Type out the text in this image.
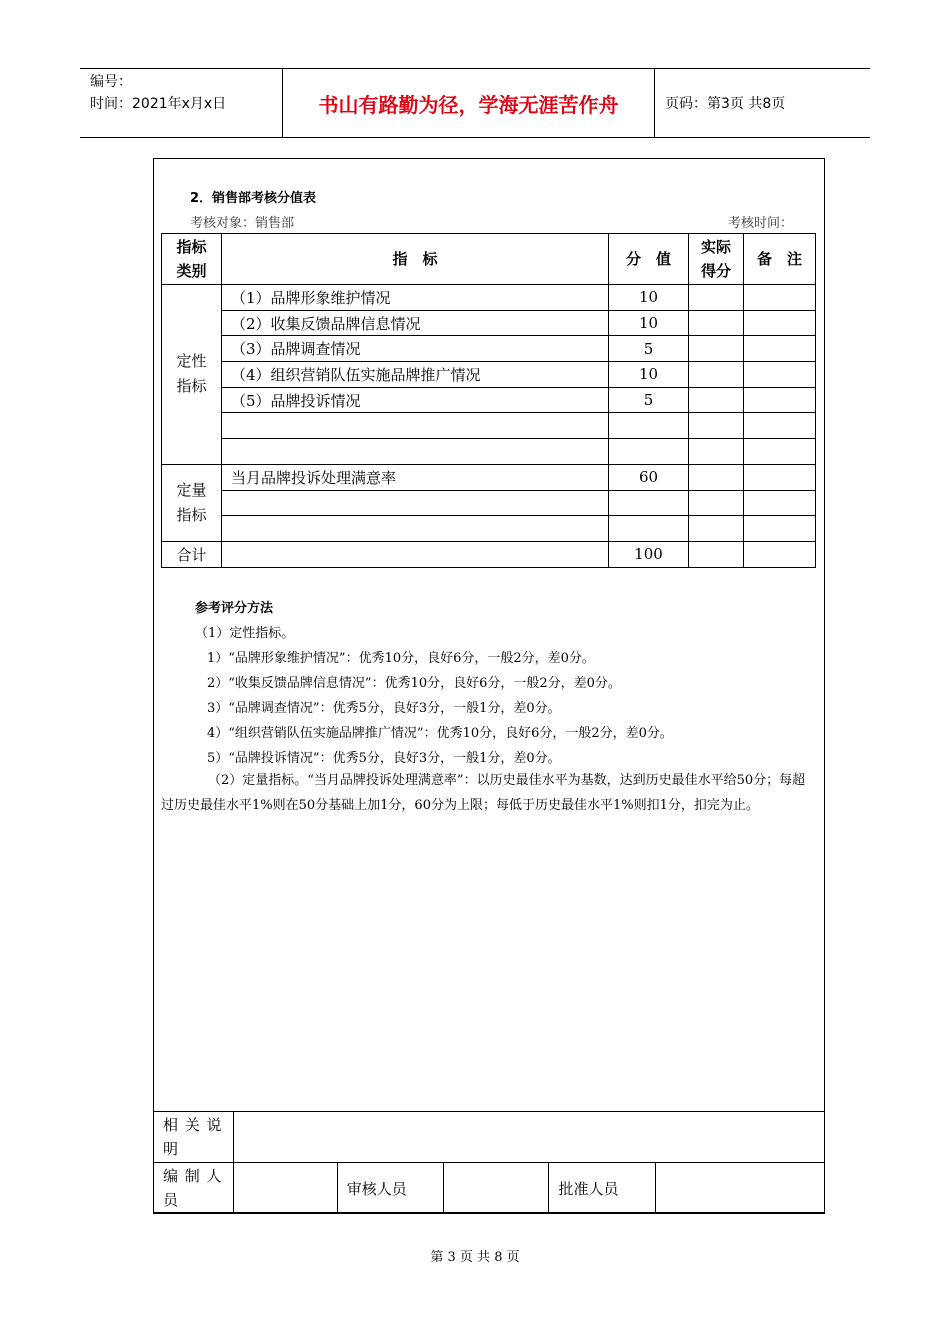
编号：
时间：2021年x月x日	书山有路勤为径，学海无涯苦作舟	页码：第3页 共8页
2．销售部考核分值表
考核对象：销售部	考核时间：
指标类别	指　标	分　值	实际得分	备　注
定性指标	（1）品牌形象维护情况	10		
	（2）收集反馈品牌信息情况	10		
	（3）品牌调查情况	5		
	（4）组织营销队伍实施品牌推广情况	10		
	（5）品牌投诉情况	5		

定量指标	当月品牌投诉处理满意率	60		

合计		100		
参考评分方法
（1）定性指标。
1）“品牌形象维护情况”：优秀10分，良好6分，一般2分，差0分。
2）“收集反馈品牌信息情况”：优秀10分，良好6分，一般2分，差0分。
3）“品牌调查情况”：优秀5分，良好3分，一般1分，差0分。
4）“组织营销队伍实施品牌推广情况”：优秀10分，良好6分，一般2分，差0分。
5）“品牌投诉情况”：优秀5分，良好3分，一般1分，差0分。
（2）定量指标。“当月品牌投诉处理满意率”：以历史最佳水平为基数，达到历史最佳水平给50分；每超过历史最佳水平1%则在50分基础上加1分，60分为上限；每低于历史最佳水平1%则扣1分，扣完为止。
相 关 说明					
编 制 人员		审核人员		批准人员	
第 3 页 共 8 页
